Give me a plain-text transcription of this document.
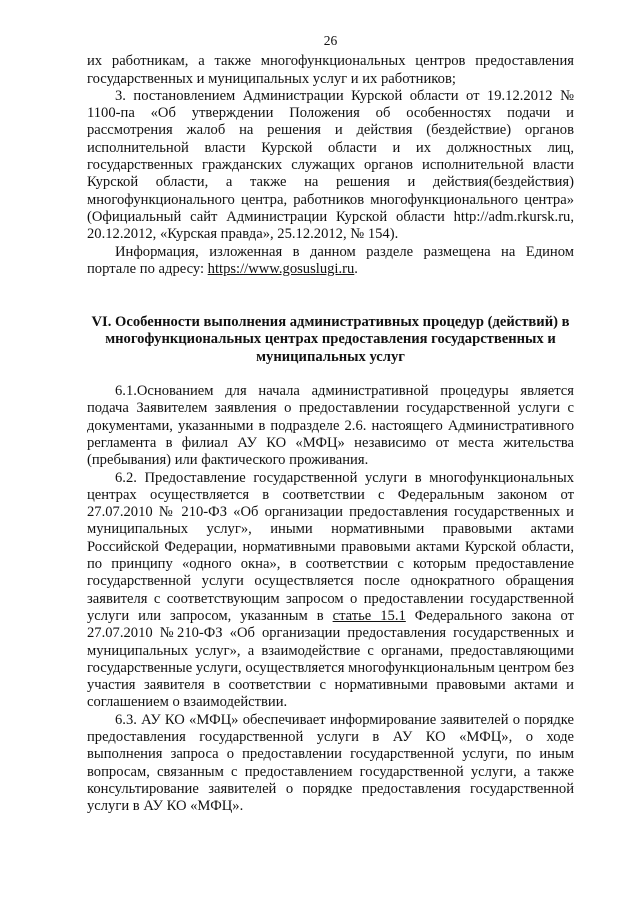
26

их работникам, а также многофункциональных центров предоставления государственных и муниципальных услуг и их работников;

3. постановлением Администрации Курской области от 19.12.2012 № 1100-па «Об утверждении Положения об особенностях подачи и рассмотрения жалоб на решения и действия (бездействие) органов исполнительной власти Курской области и их должностных лиц, государственных гражданских служащих органов исполнительной власти Курской области, а также на решения и действия(бездействия) многофункционального центра, работников многофункционального центра» (Официальный сайт Администрации Курской области http://adm.rkursk.ru, 20.12.2012, «Курская правда», 25.12.2012, № 154).

Информация, изложенная в данном разделе размещена на Едином портале по адресу: https://www.gosuslugi.ru.

VI. Особенности выполнения административных процедур (действий) в многофункциональных центрах предоставления государственных и муниципальных услуг

6.1.Основанием для начала административной процедуры является подача Заявителем заявления о предоставлении государственной услуги с документами, указанными в подразделе 2.6. настоящего Административного регламента в филиал АУ КО «МФЦ» независимо от места жительства (пребывания) или фактического проживания.

6.2. Предоставление государственной услуги в многофункциональных центрах осуществляется в соответствии с Федеральным законом от 27.07.2010 № 210-ФЗ «Об организации предоставления государственных и муниципальных услуг», иными нормативными правовыми актами Российской Федерации, нормативными правовыми актами Курской области, по принципу «одного окна», в соответствии с которым предоставление государственной услуги осуществляется после однократного обращения заявителя с соответствующим запросом о предоставлении государственной услуги или запросом, указанным в статье 15.1 Федерального закона от 27.07.2010 №210-ФЗ «Об организации предоставления государственных и муниципальных услуг», а взаимодействие с органами, предоставляющими государственные услуги, осуществляется многофункциональным центром без участия заявителя в соответствии с нормативными правовыми актами и соглашением о взаимодействии.

6.3. АУ КО «МФЦ» обеспечивает информирование заявителей о порядке предоставления государственной услуги в АУ КО «МФЦ», о ходе выполнения запроса о предоставлении государственной услуги, по иным вопросам, связанным с предоставлением государственной услуги, а также консультирование заявителей о порядке предоставления государственной услуги в АУ КО «МФЦ».
